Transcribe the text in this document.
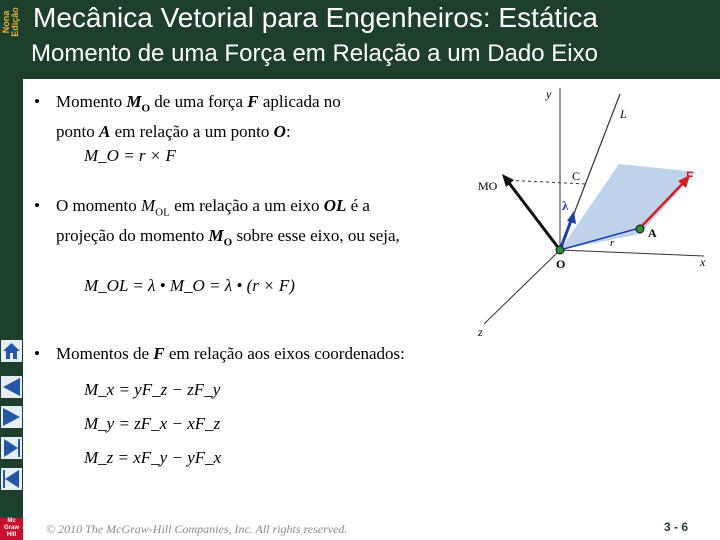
Nona Edição Mecânica Vetorial para Engenheiros: Estática
Momento de uma Força em Relação a um Dado Eixo
Mc
Graw
Hill
• Momento $M_O$ de uma força F aplicada no
ponto A em relação a um ponto O:
M_O = r × F
• O momento $M_{OL}$ em relação a um eixo OL é a
projeção do momento $M_O$ sobre esse eixo, ou seja,
M_OL = λ • M_O = λ • (r × F)
• Momentos de F em relação aos eixos coordenados:
M_x = yF_z − zF_y
M_y = zF_x − xF_z
M_z = xF_y − yF_x
y
L
C	F
MO
λ
r
A
O	x
z
© 2010 The McGraw-Hill Companies, Inc. All rights reserved.	3 - 6
